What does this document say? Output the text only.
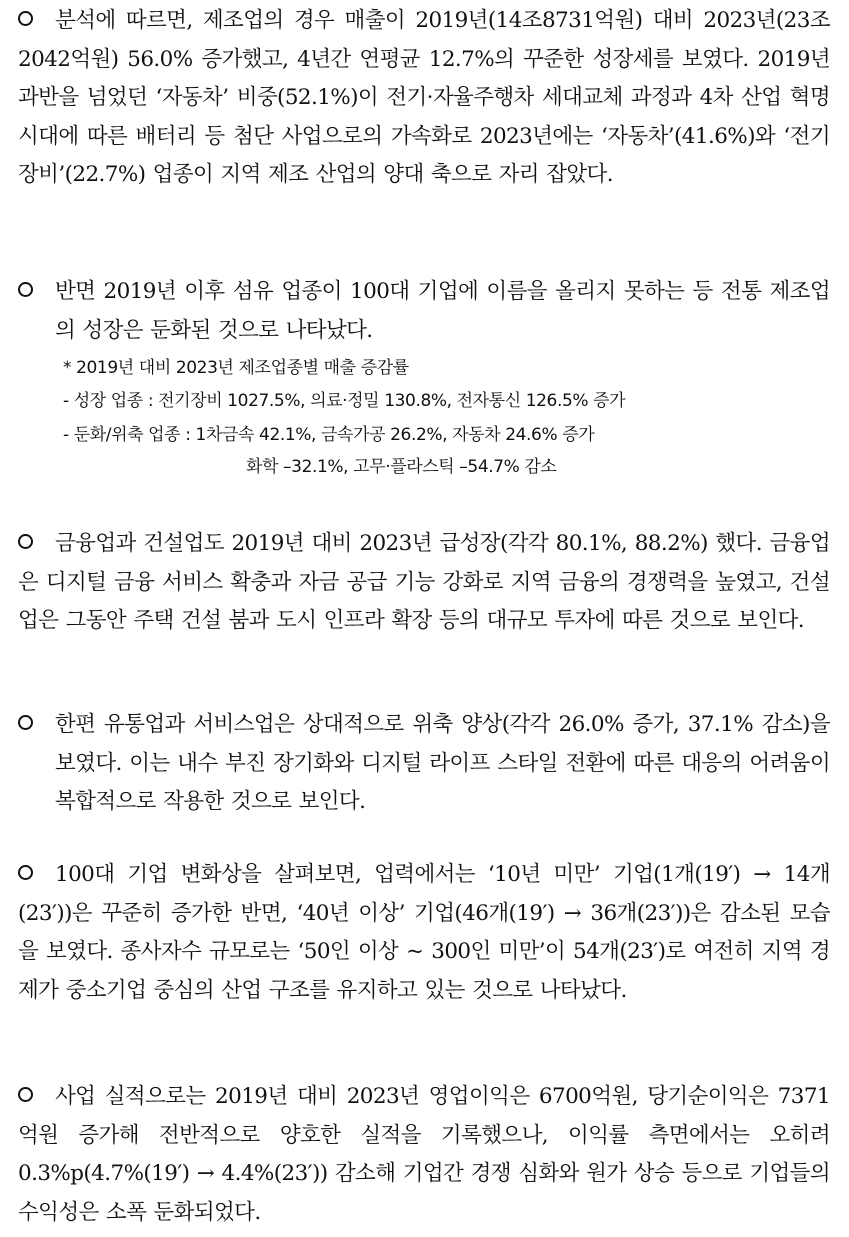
분석에 따르면, 제조업의 경우 매출이 2019년(14조8731억원) 대비 2023년(23조2042억원) 56.0% 증가했고, 4년간 연평균 12.7%의 꾸준한 성장세를 보였다. 2019년 과반을 넘었던 ‘자동차’ 비중(52.1%)이 전기·자율주행차 세대교체 과정과 4차 산업 혁명 시대에 따른 배터리 등 첨단 사업으로의 가속화로 2023년에는 ‘자동차’(41.6%)와 ‘전기장비’(22.7%) 업종이 지역 제조 산업의 양대 축으로 자리 잡았다.

반면 2019년 이후 섬유 업종이 100대 기업에 이름을 올리지 못하는 등 전통 제조업의 성장은 둔화된 것으로 나타났다.

* 2019년 대비 2023년 제조업종별 매출 증감률
- 성장 업종 : 전기장비 1027.5%, 의료·정밀 130.8%, 전자통신 126.5% 증가
- 둔화/위축 업종 : 1차금속 42.1%, 금속가공 26.2%, 자동차 24.6% 증가
화학 –32.1%, 고무·플라스틱 –54.7% 감소

금융업과 건설업도 2019년 대비 2023년 급성장(각각 80.1%, 88.2%) 했다. 금융업은 디지털 금융 서비스 확충과 자금 공급 기능 강화로 지역 금융의 경쟁력을 높였고, 건설업은 그동안 주택 건설 붐과 도시 인프라 확장 등의 대규모 투자에 따른 것으로 보인다.

한편 유통업과 서비스업은 상대적으로 위축 양상(각각 26.0% 증가, 37.1% 감소)을 보였다. 이는 내수 부진 장기화와 디지털 라이프 스타일 전환에 따른 대응의 어려움이 복합적으로 작용한 것으로 보인다.

100대 기업 변화상을 살펴보면, 업력에서는 ‘10년 미만’ 기업(1개(19′) → 14개(23′))은 꾸준히 증가한 반면, ‘40년 이상’ 기업(46개(19′) → 36개(23′))은 감소된 모습을 보였다. 종사자수 규모로는 ‘50인 이상 ~ 300인 미만’이 54개(23′)로 여전히 지역 경제가 중소기업 중심의 산업 구조를 유지하고 있는 것으로 나타났다.

사업 실적으로는 2019년 대비 2023년 영업이익은 6700억원, 당기순이익은 7371억원 증가해 전반적으로 양호한 실적을 기록했으나, 이익률 측면에서는 오히려 0.3%p(4.7%(19′) → 4.4%(23′)) 감소해 기업간 경쟁 심화와 원가 상승 등으로 기업들의 수익성은 소폭 둔화되었다.
